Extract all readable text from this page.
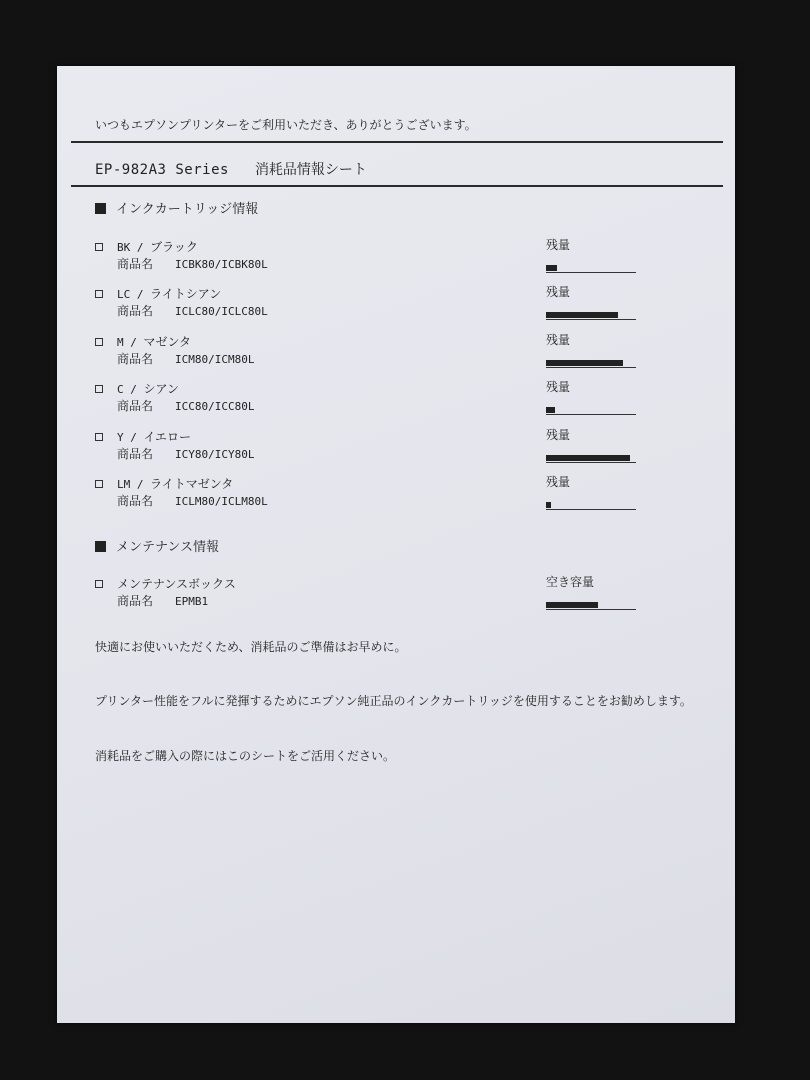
いつもエプソンプリンターをご利用いただき、ありがとうございます。
EP-982A3 Series 消耗品情報シート
インクカートリッジ情報
BK / ブラック
商品名 ICBK80/ICBK80L
残量
LC / ライトシアン
商品名 ICLC80/ICLC80L
残量
M / マゼンタ
商品名 ICM80/ICM80L
残量
C / シアン
商品名 ICC80/ICC80L
残量
Y / イエロー
商品名 ICY80/ICY80L
残量
LM / ライトマゼンタ
商品名 ICLM80/ICLM80L
残量
メンテナンス情報
メンテナンスボックス
商品名 EPMB1
空き容量
快適にお使いいただくため、消耗品のご準備はお早めに。
プリンター性能をフルに発揮するためにエプソン純正品のインクカートリッジを使用することをお勧めします。
消耗品をご購入の際にはこのシートをご活用ください。
